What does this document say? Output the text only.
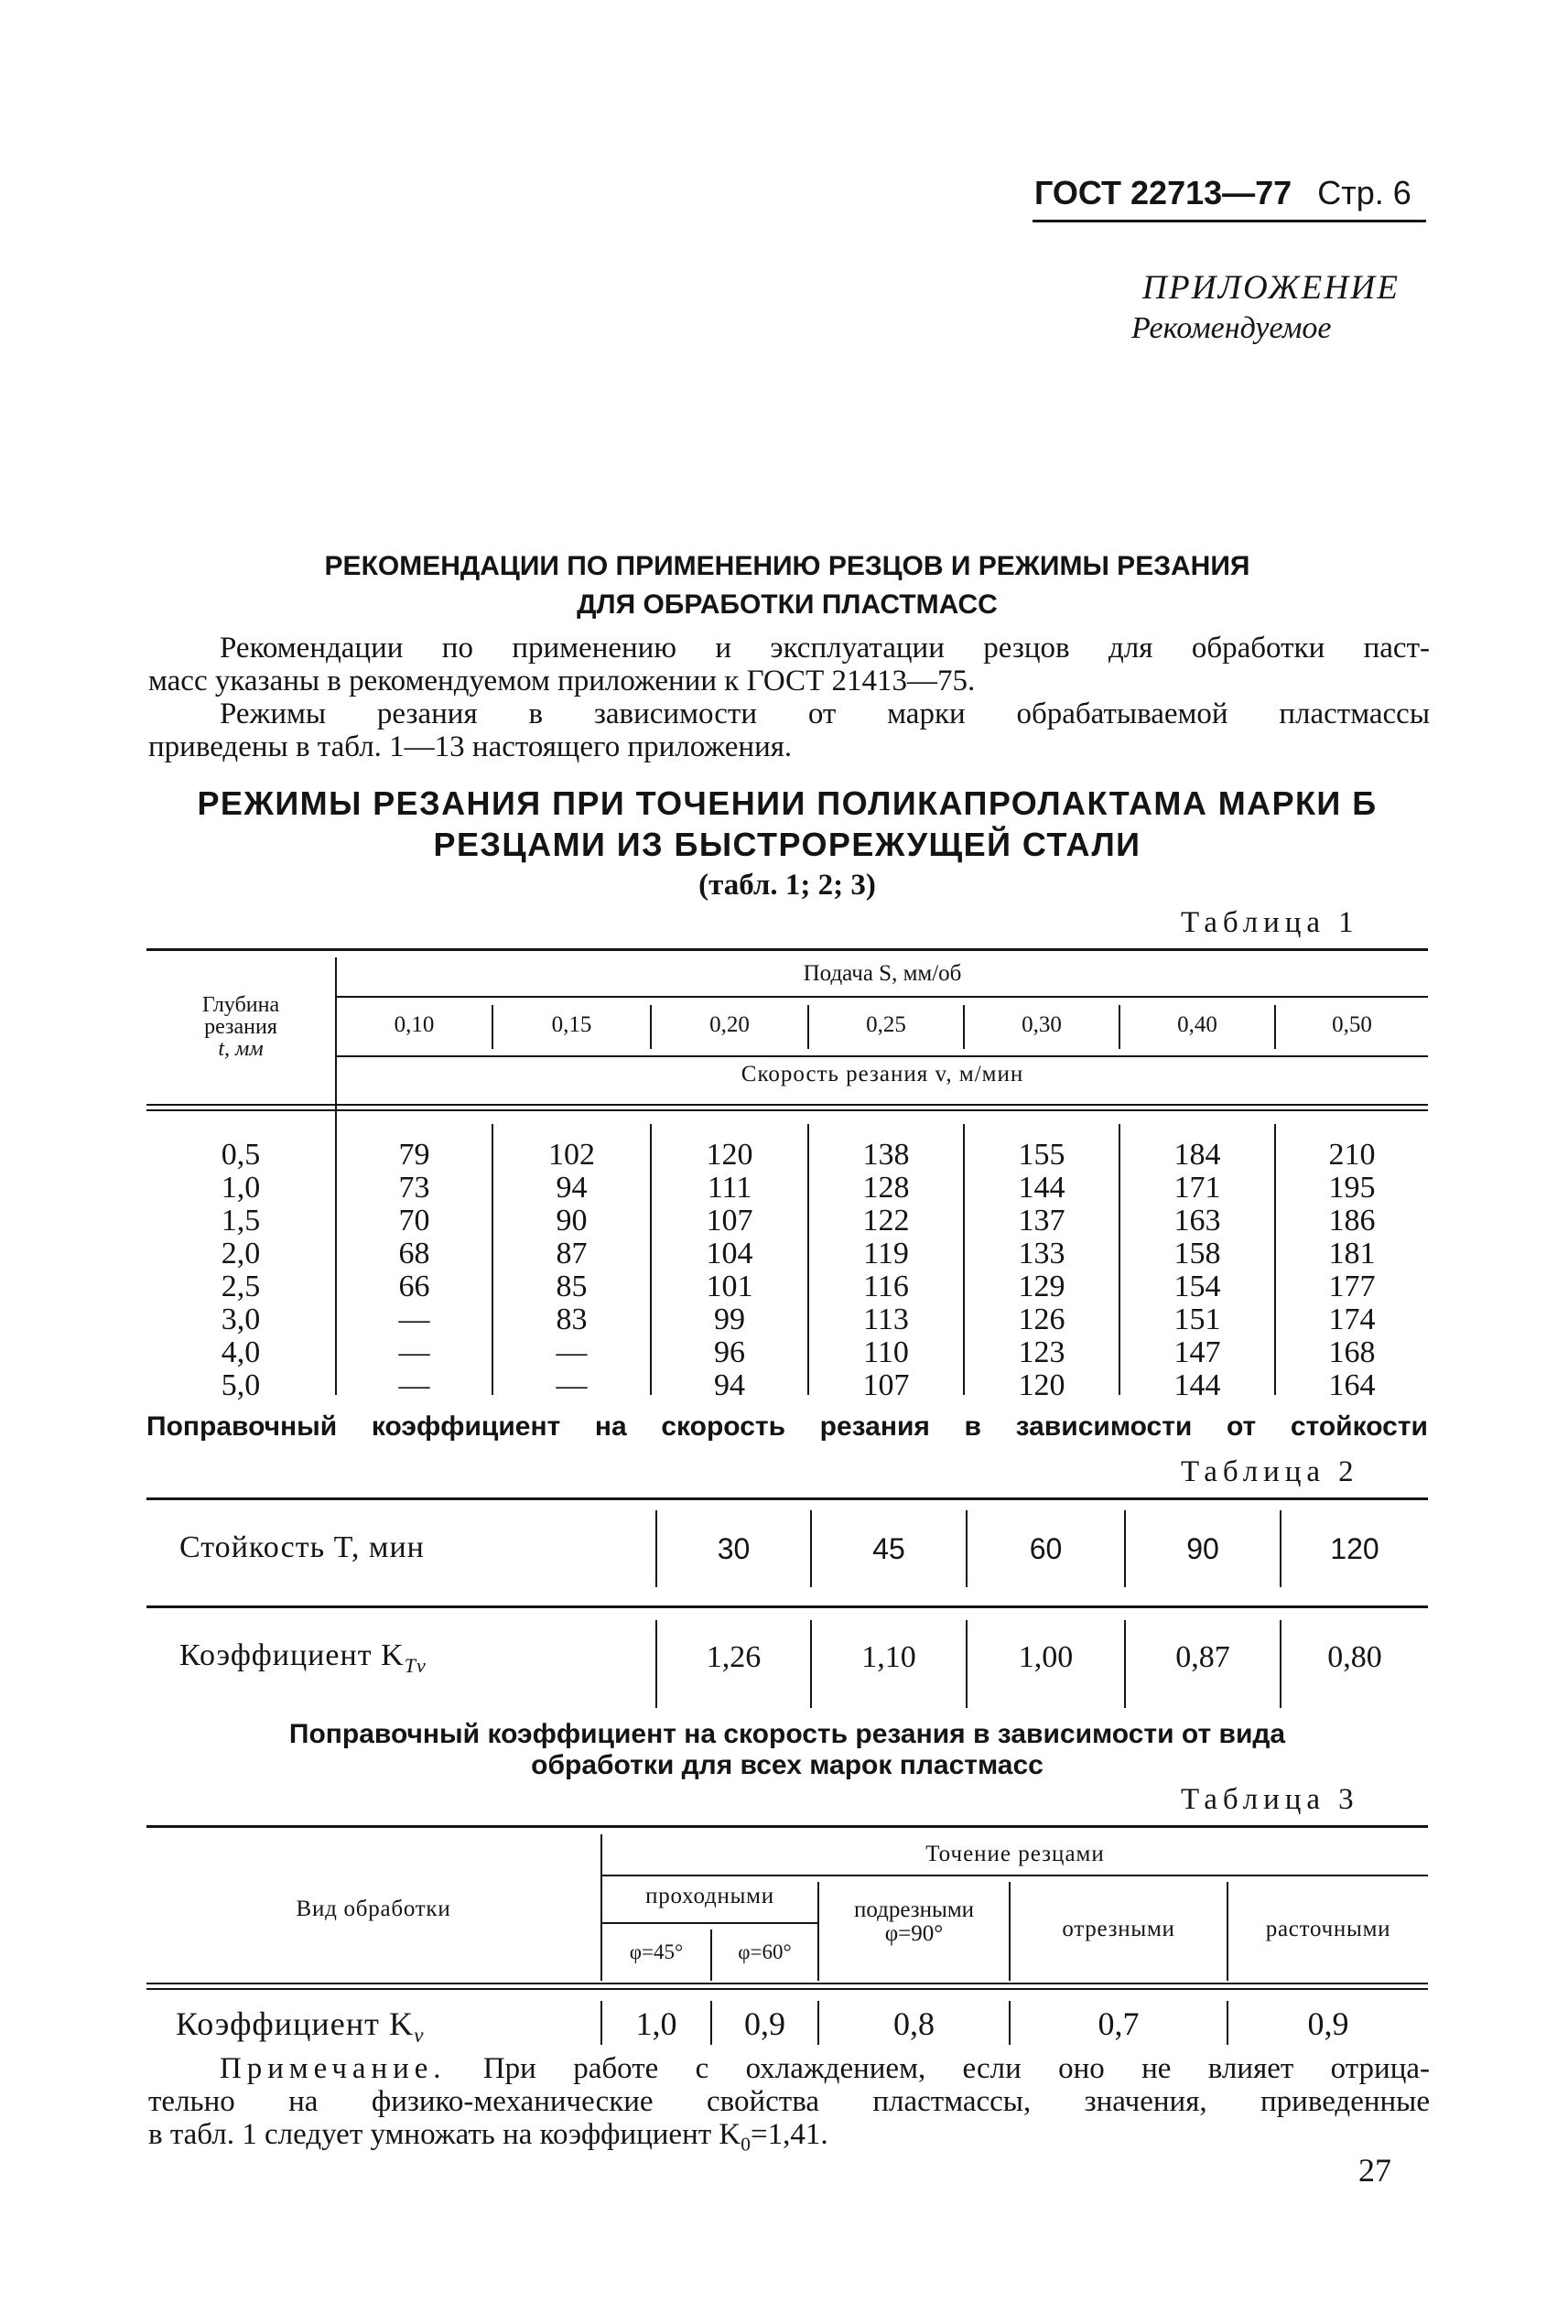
ГОСТ 22713—77 Стр. 6
ПРИЛОЖЕНИЕ
Рекомендуемое
РЕКОМЕНДАЦИИ ПО ПРИМЕНЕНИЮ РЕЗЦОВ И РЕЖИМЫ РЕЗАНИЯ
ДЛЯ ОБРАБОТКИ ПЛАСТМАСС

Рекомендации по применению и эксплуатации резцов для обработки паст-

масс указаны в рекомендуемом приложении к ГОСТ 21413—75.

Режимы резания в зависимости от марки обрабатываемой пластмассы

приведены в табл. 1—13 настоящего приложения.

РЕЖИМЫ РЕЗАНИЯ ПРИ ТОЧЕНИИ ПОЛИКАПРОЛАКТАМА МАРКИ Б
РЕЗЦАМИ ИЗ БЫСТРОРЕЖУЩЕЙ СТАЛИ
(табл. 1; 2; 3)
Таблица 1
Глубина
резания
t, мм
Подача S, мм/об
0,10	0,15	0,20	0,25	0,30	0,40	0,50
Скорость резания v, м/мин
0,5	79	102	120	138	155	184	210
1,0	73	94	111	128	144	171	195
1,5	70	90	107	122	137	163	186
2,0	68	87	104	119	133	158	181
2,5	66	85	101	116	129	154	177
3,0	—	83	99	113	126	151	174
4,0	—	—	96	110	123	147	168
5,0	—	—	94	107	120	144	164
Поправочный коэффициент на скорость резания в зависимости от стойкости
Таблица 2
Стойкость T, мин	30	45	60	90	120
Коэффициент $K_{Tv}$	1,26	1,10	1,00	0,87	0,80
Поправочный коэффициент на скорость резания в зависимости от вида
обработки для всех марок пластмасс
Таблица 3
Вид обработки
Точение резцами
проходными
φ=45°	φ=60°
подрезными
φ=90°	отрезными	расточными
Коэффициент $K_v$	1,0	0,9	0,8	0,7	0,9

Примечание. При работе с охлаждением, если оно не влияет отрица-

тельно на физико-механические свойства пластмассы, значения, приведенные

в табл. 1 следует умножать на коэффициент $K_0=1,41$.

27
